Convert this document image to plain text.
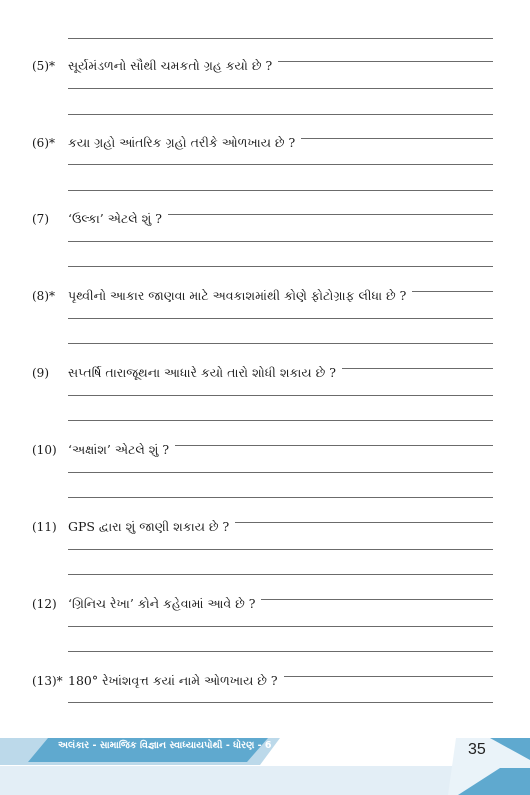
(5)*	સૂર્યમંડળનો સૌથી ચમકતો ગ્રહ કયો છે ?
(6)*	કયા ગ્રહો આંતરિક ગ્રહો તરીકે ઓળખાય છે ?
(7)	‘ઉલ્કા’ એટલે શું ?
(8)*	પૃથ્વીનો આકાર જાણવા માટે અવકાશમાંથી કોણે ફોટોગ્રાફ લીધા છે ?
(9)	સપ્તર્ષિ તારાજૂથના આધારે કયો તારો શોધી શકાય છે ?
(10) ‘અક્ષાંશ’ એટલે શું ?
(11) GPS દ્વારા શું જાણી શકાય છે ?
(12) ‘ગ્રિનિચ રેખા’ કોને કહેવામાં આવે છે ?
(13)* 180° રેખાંશવૃત્ત કયાં નામે ઓળખાય છે ?
અલંકાર - સામાજિક વિજ્ઞાન સ્વાધ્યાયપોથી - ધોરણ - 6	35
